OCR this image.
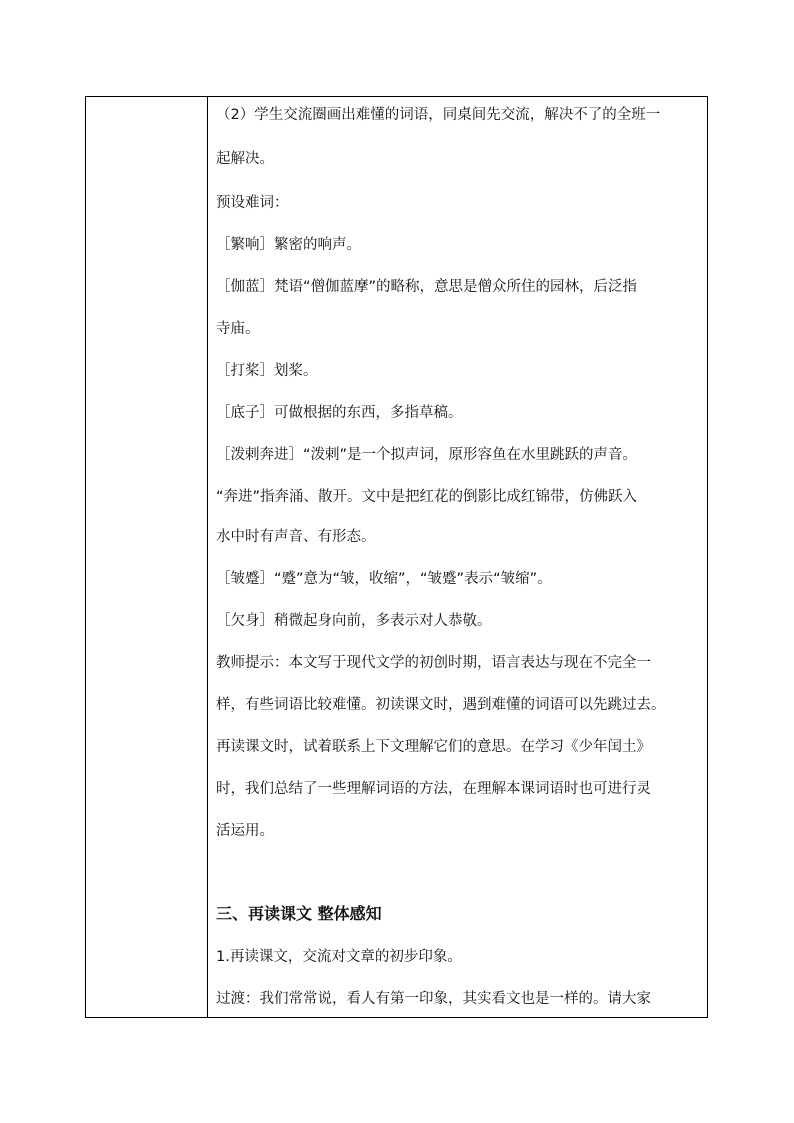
（2）学生交流圈画出难懂的词语，同桌间先交流，解决不了的全班一
起解决。
预设难词：
［繁响］繁密的响声。
［伽蓝］梵语“僧伽蓝摩”的略称，意思是僧众所住的园林，后泛指
寺庙。
［打桨］划桨。
［底子］可做根据的东西，多指草稿。
［泼剌奔进］“泼剌”是一个拟声词，原形容鱼在水里跳跃的声音。
“奔进”指奔涌、散开。文中是把红花的倒影比成红锦带，仿佛跃入
水中时有声音、有形态。
［皱蹙］“蹙”意为“皱，收缩”，“皱蹙”表示“皱缩”。
［欠身］稍微起身向前，多表示对人恭敬。
教师提示：本文写于现代文学的初创时期，语言表达与现在不完全一
样，有些词语比较难懂。初读课文时，遇到难懂的词语可以先跳过去。
再读课文时，试着联系上下文理解它们的意思。在学习《少年闰土》
时，我们总结了一些理解词语的方法，在理解本课词语时也可进行灵
活运用。
三、再读课文 整体感知
1.再读课文，交流对文章的初步印象。
过渡：我们常常说，看人有第一印象，其实看文也是一样的。请大家
